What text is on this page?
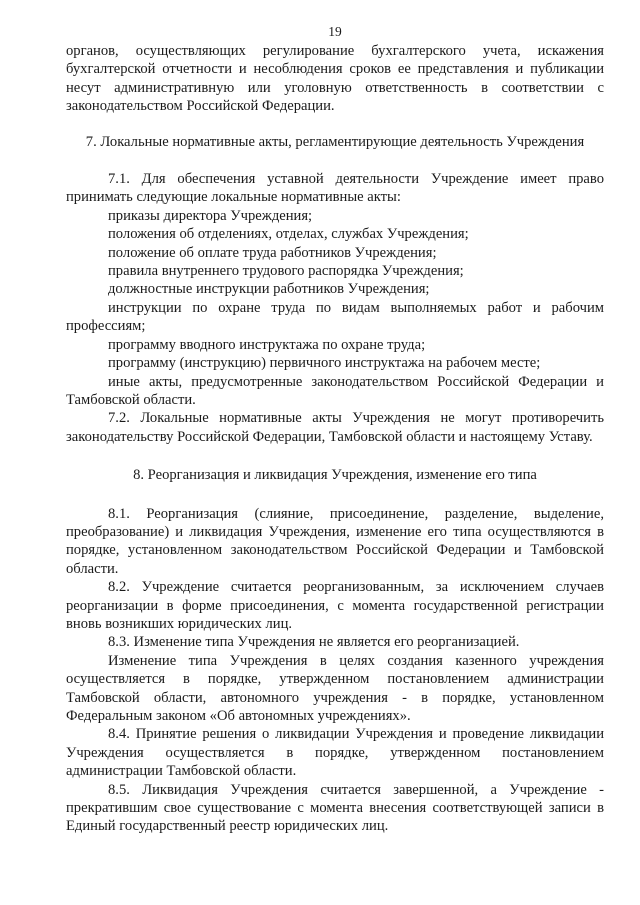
19

органов, осуществляющих регулирование бухгалтерского учета, искажения бухгалтерской отчетности и несоблюдения сроков ее представления и публикации несут административную или уголовную ответственность в соответствии с законодательством Российской Федерации.

7. Локальные нормативные акты, регламентирующие деятельность Учреждения

7.1. Для обеспечения уставной деятельности Учреждение имеет право принимать следующие локальные нормативные акты:

приказы директора Учреждения;

положения об отделениях, отделах, службах Учреждения;

положение об оплате труда работников Учреждения;

правила внутреннего трудового распорядка Учреждения;

должностные инструкции работников Учреждения;

инструкции по охране труда по видам выполняемых работ и рабочим профессиям;

программу вводного инструктажа по охране труда;

программу (инструкцию) первичного инструктажа на рабочем месте;

иные акты, предусмотренные законодательством Российской Федерации и Тамбовской области.

7.2. Локальные нормативные акты Учреждения не могут противоречить законодательству Российской Федерации, Тамбовской области и настоящему Уставу.

8. Реорганизация и ликвидация Учреждения, изменение его типа

8.1. Реорганизация (слияние, присоединение, разделение, выделение, преобразование) и ликвидация Учреждения, изменение его типа осуществляются в порядке, установленном законодательством Российской Федерации и Тамбовской области.

8.2. Учреждение считается реорганизованным, за исключением случаев реорганизации в форме присоединения, с момента государственной регистрации вновь возникших юридических лиц.

8.3. Изменение типа Учреждения не является его реорганизацией.

Изменение типа Учреждения в целях создания казенного учреждения осуществляется в порядке, утвержденном постановлением администрации Тамбовской области, автономного учреждения - в порядке, установленном Федеральным законом «Об автономных учреждениях».

8.4. Принятие решения о ликвидации Учреждения и проведение ликвидации Учреждения осуществляется в порядке, утвержденном постановлением администрации Тамбовской области.

8.5. Ликвидация Учреждения считается завершенной, а Учреждение - прекратившим свое существование с момента внесения соответствующей записи в Единый государственный реестр юридических лиц.
